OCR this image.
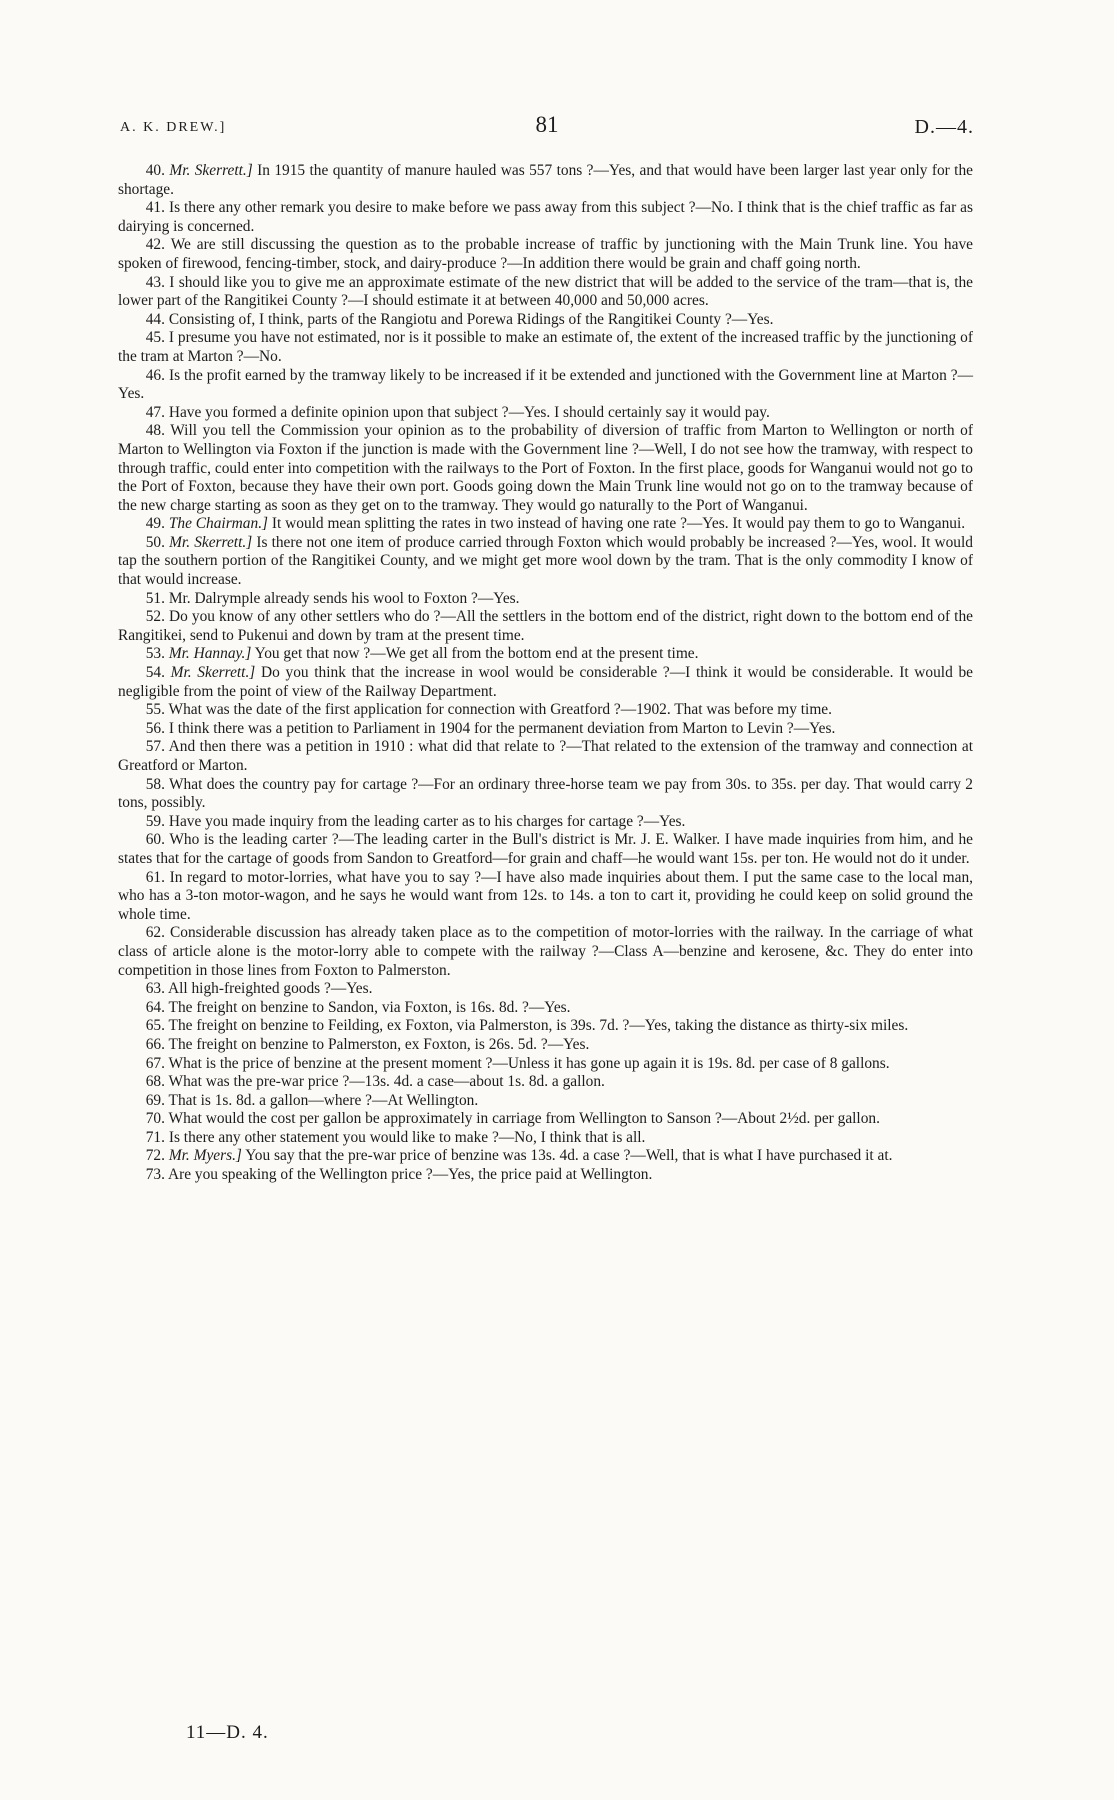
A. K. DREW.]	81	D.—4.

40. Mr. Skerrett.] In 1915 the quantity of manure hauled was 557 tons ?—Yes, and that would have been larger last year only for the shortage.

41. Is there any other remark you desire to make before we pass away from this subject ?—No. I think that is the chief traffic as far as dairying is concerned.

42. We are still discussing the question as to the probable increase of traffic by junctioning with the Main Trunk line. You have spoken of firewood, fencing-timber, stock, and dairy-produce ?—In addition there would be grain and chaff going north.

43. I should like you to give me an approximate estimate of the new district that will be added to the service of the tram—that is, the lower part of the Rangitikei County ?—I should estimate it at between 40,000 and 50,000 acres.

44. Consisting of, I think, parts of the Rangiotu and Porewa Ridings of the Rangitikei County ?—Yes.

45. I presume you have not estimated, nor is it possible to make an estimate of, the extent of the increased traffic by the junctioning of the tram at Marton ?—No.

46. Is the profit earned by the tramway likely to be increased if it be extended and junctioned with the Government line at Marton ?—Yes.

47. Have you formed a definite opinion upon that subject ?—Yes. I should certainly say it would pay.

48. Will you tell the Commission your opinion as to the probability of diversion of traffic from Marton to Wellington or north of Marton to Wellington via Foxton if the junction is made with the Government line ?—Well, I do not see how the tramway, with respect to through traffic, could enter into competition with the railways to the Port of Foxton. In the first place, goods for Wanganui would not go to the Port of Foxton, because they have their own port. Goods going down the Main Trunk line would not go on to the tramway because of the new charge starting as soon as they get on to the tramway. They would go naturally to the Port of Wanganui.

49. The Chairman.] It would mean splitting the rates in two instead of having one rate ?—Yes. It would pay them to go to Wanganui.

50. Mr. Skerrett.] Is there not one item of produce carried through Foxton which would probably be increased ?—Yes, wool. It would tap the southern portion of the Rangitikei County, and we might get more wool down by the tram. That is the only commodity I know of that would increase.

51. Mr. Dalrymple already sends his wool to Foxton ?—Yes.

52. Do you know of any other settlers who do ?—All the settlers in the bottom end of the district, right down to the bottom end of the Rangitikei, send to Pukenui and down by tram at the present time.

53. Mr. Hannay.] You get that now ?—We get all from the bottom end at the present time.

54. Mr. Skerrett.] Do you think that the increase in wool would be considerable ?—I think it would be considerable. It would be negligible from the point of view of the Railway Department.

55. What was the date of the first application for connection with Greatford ?—1902. That was before my time.

56. I think there was a petition to Parliament in 1904 for the permanent deviation from Marton to Levin ?—Yes.

57. And then there was a petition in 1910 : what did that relate to ?—That related to the extension of the tramway and connection at Greatford or Marton.

58. What does the country pay for cartage ?—For an ordinary three-horse team we pay from 30s. to 35s. per day. That would carry 2 tons, possibly.

59. Have you made inquiry from the leading carter as to his charges for cartage ?—Yes.

60. Who is the leading carter ?—The leading carter in the Bull's district is Mr. J. E. Walker. I have made inquiries from him, and he states that for the cartage of goods from Sandon to Greatford—for grain and chaff—he would want 15s. per ton. He would not do it under.

61. In regard to motor-lorries, what have you to say ?—I have also made inquiries about them. I put the same case to the local man, who has a 3-ton motor-wagon, and he says he would want from 12s. to 14s. a ton to cart it, providing he could keep on solid ground the whole time.

62. Considerable discussion has already taken place as to the competition of motor-lorries with the railway. In the carriage of what class of article alone is the motor-lorry able to compete with the railway ?—Class A—benzine and kerosene, &c. They do enter into competition in those lines from Foxton to Palmerston.

63. All high-freighted goods ?—Yes.

64. The freight on benzine to Sandon, via Foxton, is 16s. 8d. ?—Yes.

65. The freight on benzine to Feilding, ex Foxton, via Palmerston, is 39s. 7d. ?—Yes, taking the distance as thirty-six miles.

66. The freight on benzine to Palmerston, ex Foxton, is 26s. 5d. ?—Yes.

67. What is the price of benzine at the present moment ?—Unless it has gone up again it is 19s. 8d. per case of 8 gallons.

68. What was the pre-war price ?—13s. 4d. a case—about 1s. 8d. a gallon.

69. That is 1s. 8d. a gallon—where ?—At Wellington.

70. What would the cost per gallon be approximately in carriage from Wellington to Sanson ?—About 2½d. per gallon.

71. Is there any other statement you would like to make ?—No, I think that is all.

72. Mr. Myers.] You say that the pre-war price of benzine was 13s. 4d. a case ?—Well, that is what I have purchased it at.

73. Are you speaking of the Wellington price ?—Yes, the price paid at Wellington.

11—D. 4.
